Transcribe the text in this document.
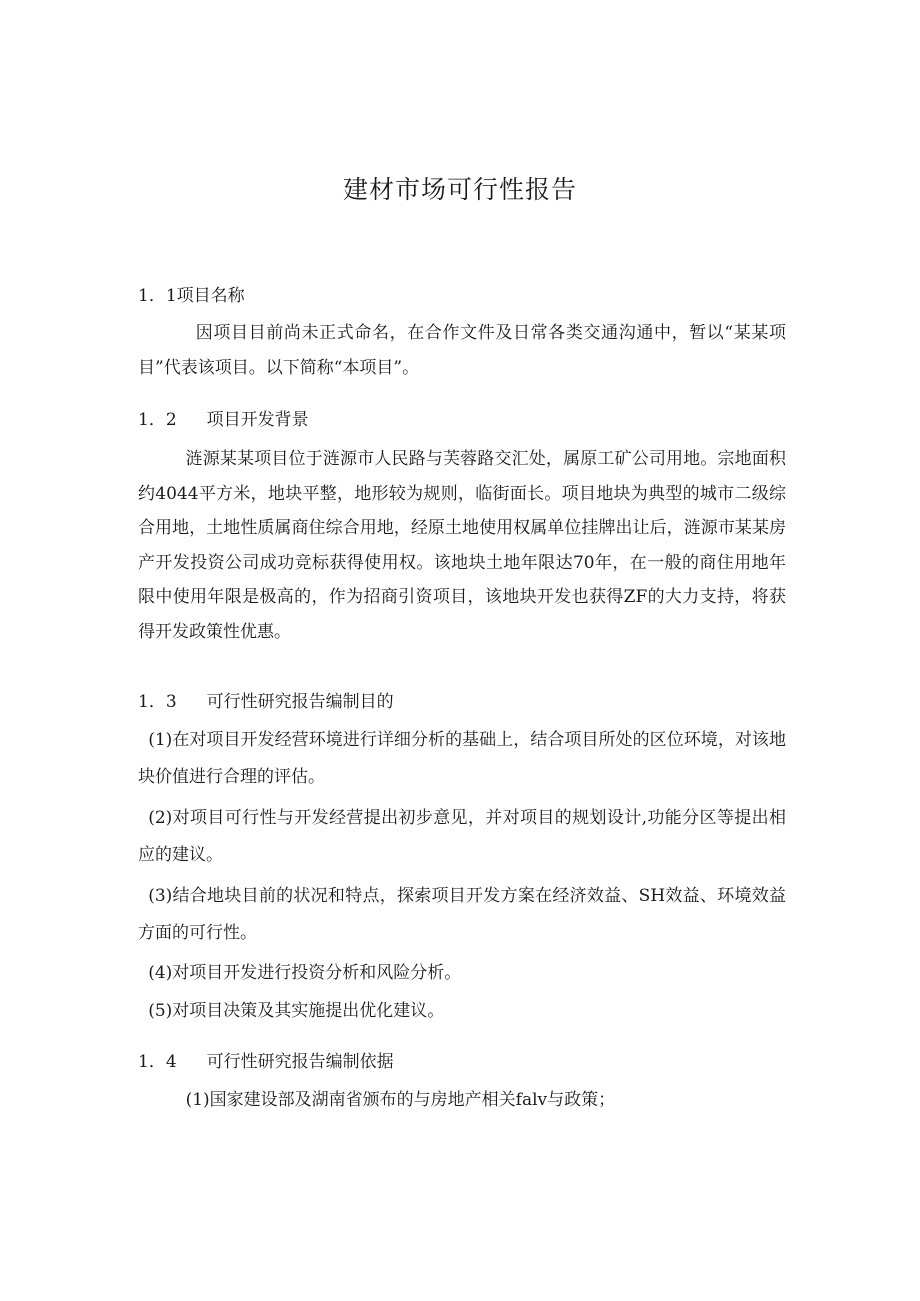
建材市场可行性报告
1．1项目名称

因项目目前尚未正式命名，在合作文件及日常各类交通沟通中，暂以“某某项目”代表该项目。以下简称“本项目”。

1．2 项目开发背景

涟源某某项目位于涟源市人民路与芙蓉路交汇处，属原工矿公司用地。宗地面积约4044平方米，地块平整，地形较为规则，临街面长。项目地块为典型的城市二级综合用地，土地性质属商住综合用地，经原土地使用权属单位挂牌出让后，涟源市某某房产开发投资公司成功竞标获得使用权。该地块土地年限达70年，在一般的商住用地年限中使用年限是极高的，作为招商引资项目，该地块开发也获得ZF的大力支持，将获得开发政策性优惠。

1．3 可行性研究报告编制目的

(1)在对项目开发经营环境进行详细分析的基础上，结合项目所处的区位环境，对该地块价值进行合理的评估。

(2)对项目可行性与开发经营提出初步意见，并对项目的规划设计,功能分区等提出相应的建议。

(3)结合地块目前的状况和特点，探索项目开发方案在经济效益、SH效益、环境效益方面的可行性。

(4)对项目开发进行投资分析和风险分析。

(5)对项目决策及其实施提出优化建议。

1．4 可行性研究报告编制依据

(1)国家建设部及湖南省颁布的与房地产相关falv与政策；
